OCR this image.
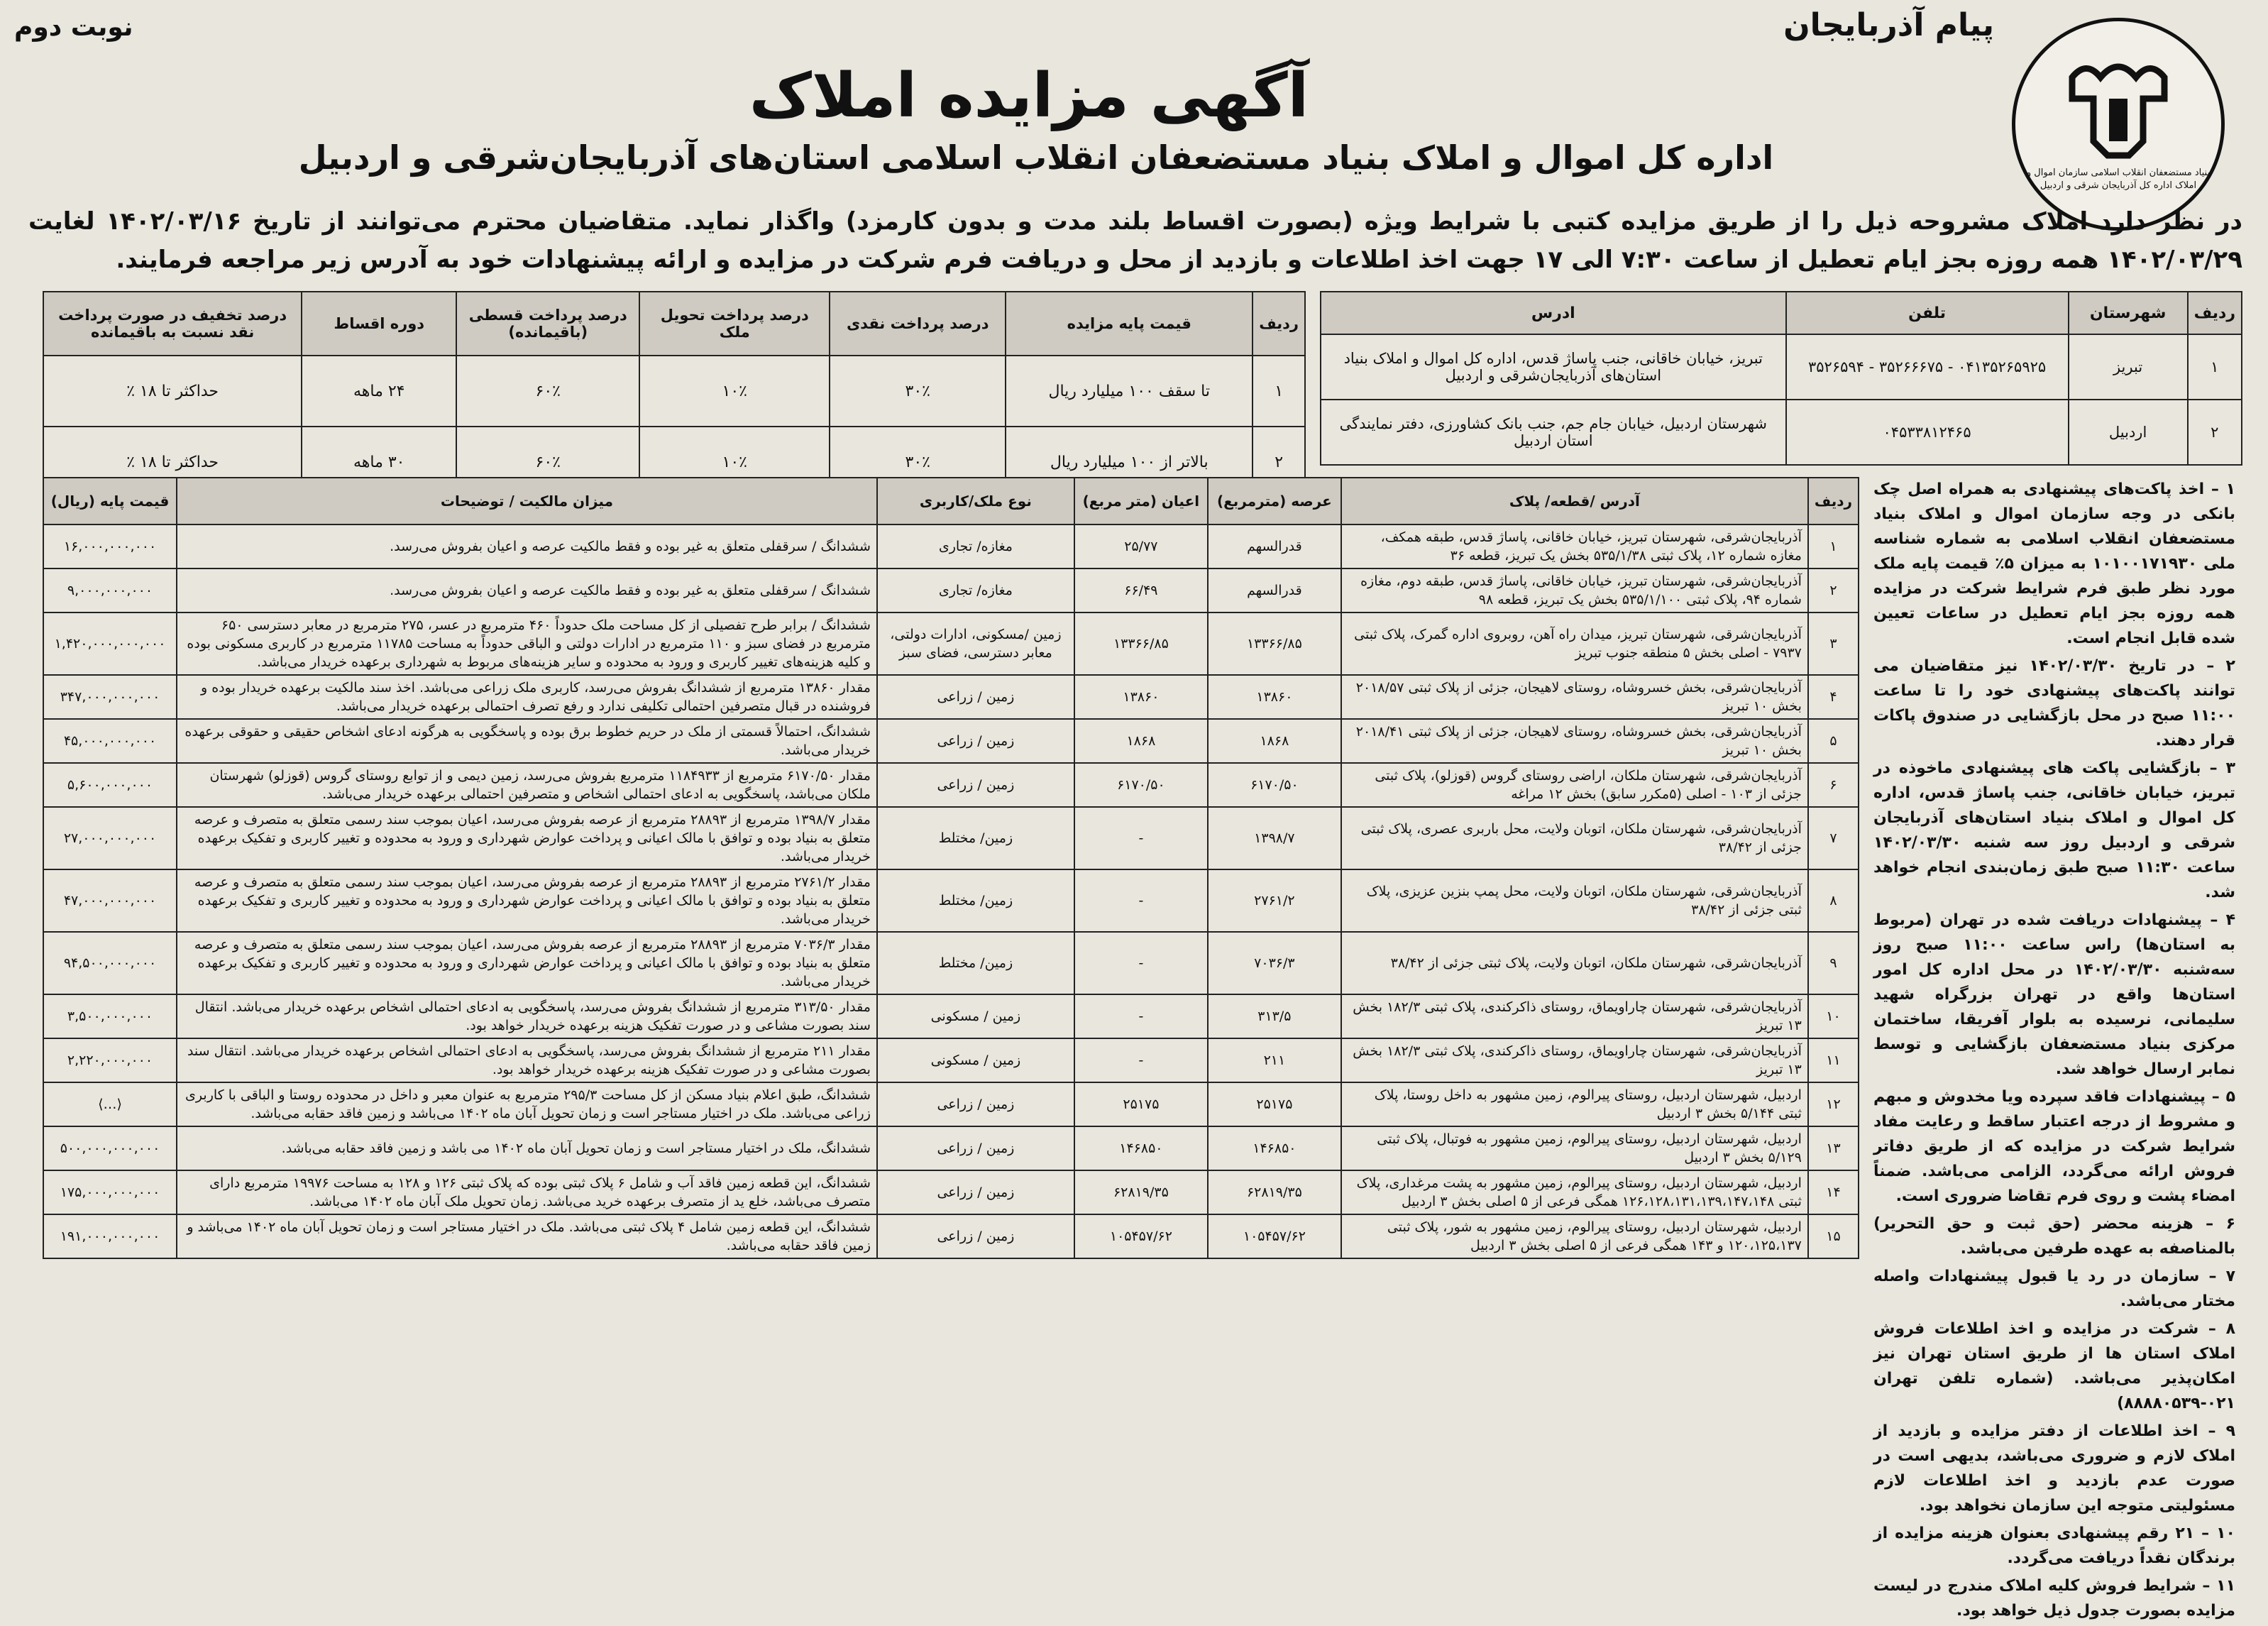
بنیاد مستضعفان انقلاب اسلامی سازمان اموال و املاک اداره کل آذربایجان شرقی و اردبیل
پیام آذربایجان
نوبت دوم
آگهی مزایده املاک
اداره کل اموال و املاک بنیاد مستضعفان انقلاب اسلامی استان‌های آذربایجان‌شرقی و اردبیل
در نظر دارد املاک مشروحه ذیل را از طریق مزایده کتبی با شرایط ویژه (بصورت اقساط بلند مدت و بدون کارمزد) واگذار نماید. متقاضیان محترم می‌توانند از تاریخ ۱۴۰۲/۰۳/۱۶ لغایت ۱۴۰۲/۰۳/۲۹ همه روزه بجز ایام تعطیل از ساعت ۷:۳۰ الی ۱۷ جهت اخذ اطلاعات و بازدید از محل و دریافت فرم شرکت در مزایده و ارائه پیشنهادات خود به آدرس زیر مراجعه فرمایند.
ردیف	شهرستان	تلفن	ادرس
۱	تبریز	۰۴۱۳۵۲۶۵۹۲۵ - ۳۵۲۶۶۶۷۵ - ۳۵۲۶۵۹۴	تبریز، خیابان خاقانی، جنب پاساژ قدس، اداره کل اموال و املاک بنیاد استان‌های آذربایجان‌شرقی و اردبیل
۲	اردبیل	۰۴۵۳۳۸۱۲۴۶۵	شهرستان اردبیل، خیابان جام جم، جنب بانک کشاورزی، دفتر نمایندگی استان اردبیل
ردیف	قیمت پایه مزایده	درصد پرداخت نقدی	درصد پرداخت تحویل ملک	درصد پرداخت قسطی (باقیمانده)	دوره اقساط	درصد تخفیف در صورت پرداخت نقد نسبت به باقیمانده
۱	تا سقف ۱۰۰ میلیارد ریال	۳۰٪	۱۰٪	۶۰٪	۲۴ ماهه	حداکثر تا ۱۸ ٪
۲	بالاتر از ۱۰۰ میلیارد ریال	۳۰٪	۱۰٪	۶۰٪	۳۰ ماهه	حداکثر تا ۱۸ ٪
ردیف	آدرس /قطعه/ پلاک	عرصه (مترمربع)	اعیان (متر مربع)	نوع ملک/کاربری	میزان مالکیت / توضیحات	قیمت پایه (ریال)
۱	آذربایجان‌شرقی، شهرستان تبریز، خیابان خاقانی، پاساژ قدس، طبقه همکف، مغازه شماره ۱۲، پلاک ثبتی ۵۳۵/۱/۳۸ بخش یک تبریز، قطعه ۳۶	قدرالسهم	۲۵/۷۷	مغازه/ تجاری	ششدانگ / سرقفلی متعلق به غیر بوده و فقط مالکیت عرصه و اعیان بفروش می‌رسد.	۱۶,۰۰۰,۰۰۰,۰۰۰
۲	آذربایجان‌شرقی، شهرستان تبریز، خیابان خاقانی، پاساژ قدس، طبقه دوم، مغازه شماره ۹۴، پلاک ثبتی ۵۳۵/۱/۱۰۰ بخش یک تبریز، قطعه ۹۸	قدرالسهم	۶۶/۴۹	مغازه/ تجاری	ششدانگ / سرقفلی متعلق به غیر بوده و فقط مالکیت عرصه و اعیان بفروش می‌رسد.	۹,۰۰۰,۰۰۰,۰۰۰
۳	آذربایجان‌شرقی، شهرستان تبریز، میدان راه آهن، روبروی اداره گمرک، پلاک ثبتی ۷۹۳۷ - اصلی بخش ۵ منطقه جنوب تبریز	۱۳۳۶۶/۸۵	۱۳۳۶۶/۸۵	زمین /مسکونی، ادارات دولتی، معابر دسترسی، فضای سبز	ششدانگ / برابر طرح تفصیلی از کل مساحت ملک حدوداً ۴۶۰ مترمربع در عسر، ۲۷۵ مترمربع در معابر دسترسی ۶۵۰ مترمربع در فضای سبز و ۱۱۰ مترمربع در ادارات دولتی و الباقی حدوداً به مساحت ۱۱۷۸۵ مترمربع در کاربری مسکونی بوده و کلیه هزینه‌های تغییر کاربری و ورود به محدوده و سایر هزینه‌های مربوط به شهرداری برعهده خریدار می‌باشد.	۱,۴۲۰,۰۰۰,۰۰۰,۰۰۰
۴	آذربایجان‌شرقی، بخش خسروشاه، روستای لاهیجان، جزئی از پلاک ثبتی ۲۰۱۸/۵۷ بخش ۱۰ تبریز	۱۳۸۶۰	۱۳۸۶۰	زمین / زراعی	مقدار ۱۳۸۶۰ مترمربع از ششدانگ بفروش می‌رسد، کاربری ملک زراعی می‌باشد. اخذ سند مالکیت برعهده خریدار بوده و فروشنده در قبال متصرفین احتمالی تکلیفی ندارد و رفع تصرف احتمالی برعهده خریدار می‌باشد.	۳۴۷,۰۰۰,۰۰۰,۰۰۰
۵	آذربایجان‌شرقی، بخش خسروشاه، روستای لاهیجان، جزئی از پلاک ثبتی ۲۰۱۸/۴۱ بخش ۱۰ تبریز	۱۸۶۸	۱۸۶۸	زمین / زراعی	ششدانگ، احتمالاً قسمتی از ملک در حریم خطوط برق بوده و پاسخگویی به هرگونه ادعای اشخاص حقیقی و حقوقی برعهده خریدار می‌باشد.	۴۵,۰۰۰,۰۰۰,۰۰۰
۶	آذربایجان‌شرقی، شهرستان ملکان، اراضی روستای گروس (قوزلو)، پلاک ثبتی جزئی از ۱۰۳ - اصلی (۵مکرر سابق) بخش ۱۲ مراغه	۶۱۷۰/۵۰	۶۱۷۰/۵۰	زمین / زراعی	مقدار ۶۱۷۰/۵۰ مترمربع از ۱۱۸۴۹۳۳ مترمربع بفروش می‌رسد، زمین دیمی و از توابع روستای گروس (قوزلو) شهرستان ملکان می‌باشد، پاسخگویی به ادعای احتمالی اشخاص و متصرفین احتمالی برعهده خریدار می‌باشد.	۵,۶۰۰,۰۰۰,۰۰۰
۷	آذربایجان‌شرقی، شهرستان ملکان، اتوبان ولایت، محل باربری عصری، پلاک ثبتی جزئی از ۳۸/۴۲	۱۳۹۸/۷	-	زمین/ مختلط	مقدار ۱۳۹۸/۷ مترمربع از ۲۸۸۹۳ مترمربع از عرصه بفروش می‌رسد، اعیان بموجب سند رسمی متعلق به متصرف و عرصه متعلق به بنیاد بوده و توافق با مالک اعیانی و پرداخت عوارض شهرداری و ورود به محدوده و تغییر کاربری و تفکیک برعهده خریدار می‌باشد.	۲۷,۰۰۰,۰۰۰,۰۰۰
۸	آذربایجان‌شرقی، شهرستان ملکان، اتوبان ولایت، محل پمپ بنزین عزیزی، پلاک ثبتی جزئی از ۳۸/۴۲	۲۷۶۱/۲	-	زمین/ مختلط	مقدار ۲۷۶۱/۲ مترمربع از ۲۸۸۹۳ مترمربع از عرصه بفروش می‌رسد، اعیان بموجب سند رسمی متعلق به متصرف و عرصه متعلق به بنیاد بوده و توافق با مالک اعیانی و پرداخت عوارض شهرداری و ورود به محدوده و تغییر کاربری و تفکیک برعهده خریدار می‌باشد.	۴۷,۰۰۰,۰۰۰,۰۰۰
۹	آذربایجان‌شرقی، شهرستان ملکان، اتوبان ولایت، پلاک ثبتی جزئی از ۳۸/۴۲	۷۰۳۶/۳	-	زمین/ مختلط	مقدار ۷۰۳۶/۳ مترمربع از ۲۸۸۹۳ مترمربع از عرصه بفروش می‌رسد، اعیان بموجب سند رسمی متعلق به متصرف و عرصه متعلق به بنیاد بوده و توافق با مالک اعیانی و پرداخت عوارض شهرداری و ورود به محدوده و تغییر کاربری و تفکیک برعهده خریدار می‌باشد.	۹۴,۵۰۰,۰۰۰,۰۰۰
۱۰	آذربایجان‌شرقی، شهرستان چاراویماق، روستای ذاکرکندی، پلاک ثبتی ۱۸۲/۳ بخش ۱۳ تبریز	۳۱۳/۵	-	زمین / مسکونی	مقدار ۳۱۳/۵۰ مترمربع از ششدانگ بفروش می‌رسد، پاسخگویی به ادعای احتمالی اشخاص برعهده خریدار می‌باشد. انتقال سند بصورت مشاعی و در صورت تفکیک هزینه برعهده خریدار خواهد بود.	۳,۵۰۰,۰۰۰,۰۰۰
۱۱	آذربایجان‌شرقی، شهرستان چاراویماق، روستای ذاکرکندی، پلاک ثبتی ۱۸۲/۳ بخش ۱۳ تبریز	۲۱۱	-	زمین / مسکونی	مقدار ۲۱۱ مترمربع از ششدانگ بفروش می‌رسد، پاسخگویی به ادعای احتمالی اشخاص برعهده خریدار می‌باشد. انتقال سند بصورت مشاعی و در صورت تفکیک هزینه برعهده خریدار خواهد بود.	۲,۲۲۰,۰۰۰,۰۰۰
۱۲	اردبیل، شهرستان اردبیل، روستای پیرالوم، زمین مشهور به داخل روستا، پلاک ثبتی ۵/۱۴۴ بخش ۳ اردبیل	۲۵۱۷۵	۲۵۱۷۵	زمین / زراعی	ششدانگ، طبق اعلام بنیاد مسکن از کل مساحت ۲۹۵/۳ مترمربع به عنوان معبر و داخل در محدوده روستا و الباقی با کاربری زراعی می‌باشد. ملک در اختیار مستاجر است و زمان تحویل آبان ماه ۱۴۰۲ می‌باشد و زمین فاقد حقابه می‌باشد.	⟨…⟩
۱۳	اردبیل، شهرستان اردبیل، روستای پیرالوم، زمین مشهور به فوتبال، پلاک ثبتی ۵/۱۲۹ بخش ۳ اردبیل	۱۴۶۸۵۰	۱۴۶۸۵۰	زمین / زراعی	ششدانگ، ملک در اختیار مستاجر است و زمان تحویل آبان ماه ۱۴۰۲ می باشد و زمین فاقد حقابه می‌باشد.	۵۰۰,۰۰۰,۰۰۰,۰۰۰
۱۴	اردبیل، شهرستان اردبیل، روستای پیرالوم، زمین مشهور به پشت مرغداری، پلاک ثبتی ۱۲۶،۱۲۸،۱۳۱،۱۳۹،۱۴۷،۱۴۸ همگی فرعی از ۵ اصلی بخش ۳ اردبیل	۶۲۸۱۹/۳۵	۶۲۸۱۹/۳۵	زمین / زراعی	ششدانگ، این قطعه زمین فاقد آب و شامل ۶ پلاک ثبتی بوده که پلاک ثبتی ۱۲۶ و ۱۲۸ به مساحت ۱۹۹۷۶ مترمربع دارای متصرف می‌باشد، خلع ید از متصرف برعهده خرید می‌باشد. زمان تحویل ملک آبان ماه ۱۴۰۲ می‌باشد.	۱۷۵,۰۰۰,۰۰۰,۰۰۰
۱۵	اردبیل، شهرستان اردبیل، روستای پیرالوم، زمین مشهور به شور، پلاک ثبتی ۱۲۰،۱۲۵،۱۳۷ و ۱۴۳ همگی فرعی از ۵ اصلی بخش ۳ اردبیل	۱۰۵۴۵۷/۶۲	۱۰۵۴۵۷/۶۲	زمین / زراعی	ششدانگ، این قطعه زمین شامل ۴ پلاک ثبتی می‌باشد. ملک در اختیار مستاجر است و زمان تحویل آبان ماه ۱۴۰۲ می‌باشد و زمین فاقد حقابه می‌باشد.	۱۹۱,۰۰۰,۰۰۰,۰۰۰

۱ – اخذ پاکت‌های پیشنهادی به همراه اصل چک بانکی در وجه سازمان اموال و املاک بنیاد مستضعفان انقلاب اسلامی به شماره شناسه ملی ۱۰۱۰۰۱۷۱۹۳۰ به میزان ۵٪ قیمت پایه ملک مورد نظر طبق فرم شرایط شرکت در مزایده همه روزه بجز ایام تعطیل در ساعات تعیین شده قابل انجام است.

۲ – در تاریخ ۱۴۰۲/۰۳/۳۰ نیز متقاضیان می توانند پاکت‌های پیشنهادی خود را تا ساعت ۱۱:۰۰ صبح در محل بازگشایی در صندوق پاکات قرار دهند.

۳ – بازگشایی پاکت های پیشنهادی ماخوذه در تبریز، خیابان خاقانی، جنب پاساژ قدس، اداره کل اموال و املاک بنیاد استان‌های آذربایجان شرقی و اردبیل روز سه شنبه ۱۴۰۲/۰۳/۳۰ ساعت ۱۱:۳۰ صبح طبق زمان‌بندی انجام خواهد شد.

۴ – پیشنهادات دریافت شده در تهران (مربوط به استان‌ها) راس ساعت ۱۱:۰۰ صبح روز سه‌شنبه ۱۴۰۲/۰۳/۳۰ در محل اداره کل امور استان‌ها واقع در تهران بزرگراه شهید سلیمانی، نرسیده به بلوار آفریقا، ساختمان مرکزی بنیاد مستضعفان بازگشایی و توسط نمابر ارسال خواهد شد.

۵ – پیشنهادات فاقد سپرده ویا مخدوش و مبهم و مشروط از درجه اعتبار ساقط و رعایت مفاد شرایط شرکت در مزایده که از طریق دفاتر فروش ارائه می‌گردد، الزامی می‌باشد. ضمناً امضاء پشت و روی فرم تقاضا ضروری است.

۶ – هزینه محضر (حق ثبت و حق التحریر) بالمناصفه به عهده طرفین می‌باشد.

۷ – سازمان در رد یا قبول پیشنهادات واصله مختار می‌باشد.

۸ – شرکت در مزایده و اخذ اطلاعات فروش املاک استان ها از طریق استان تهران نیز امکان‌پذیر می‌باشد. (شماره تلفن تهران ۰۲۱-۸۸۸۸۰۵۳۹)

۹ – اخذ اطلاعات از دفتر مزایده و بازدید از املاک لازم و ضروری می‌باشد، بدیهی است در صورت عدم بازدید و اخذ اطلاعات لازم مسئولیتی متوجه این سازمان نخواهد بود.

۱۰ – ۲۱ رقم پیشنهادی بعنوان هزینه مزایده از برندگان نقداً دریافت می‌گردد.

۱۱ – شرایط فروش کلیه املاک مندرج در لیست مزایده بصورت جدول ذیل خواهد بود.
